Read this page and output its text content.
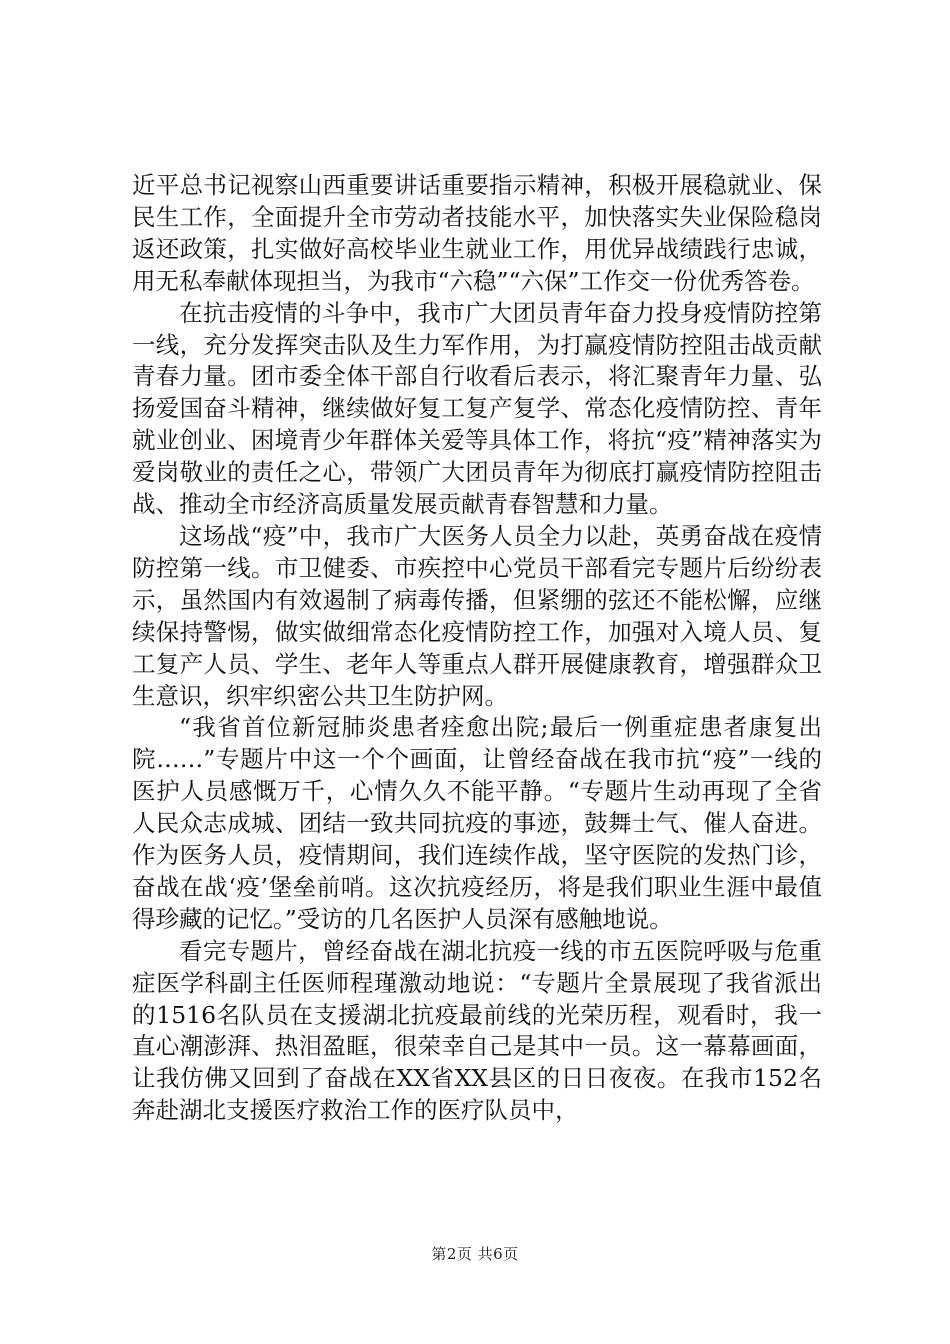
近平总书记视察山西重要讲话重要指示精神，积极开展稳就业、保民生工作，全面提升全市劳动者技能水平，加快落实失业保险稳岗返还政策，扎实做好高校毕业生就业工作，用优异战绩践行忠诚，用无私奉献体现担当，为我市“六稳”“六保”工作交一份优秀答卷。

在抗击疫情的斗争中，我市广大团员青年奋力投身疫情防控第一线，充分发挥突击队及生力军作用，为打赢疫情防控阻击战贡献青春力量。团市委全体干部自行收看后表示，将汇聚青年力量、弘扬爱国奋斗精神，继续做好复工复产复学、常态化疫情防控、青年就业创业、困境青少年群体关爱等具体工作，将抗“疫”精神落实为爱岗敬业的责任之心，带领广大团员青年为彻底打赢疫情防控阻击战、推动全市经济高质量发展贡献青春智慧和力量。

这场战“疫”中，我市广大医务人员全力以赴，英勇奋战在疫情防控第一线。市卫健委、市疾控中心党员干部看完专题片后纷纷表示，虽然国内有效遏制了病毒传播，但紧绷的弦还不能松懈，应继续保持警惕，做实做细常态化疫情防控工作，加强对入境人员、复工复产人员、学生、老年人等重点人群开展健康教育，增强群众卫生意识，织牢织密公共卫生防护网。

“我省首位新冠肺炎患者痊愈出院;最后一例重症患者康复出院……”专题片中这一个个画面，让曾经奋战在我市抗“疫”一线的医护人员感慨万千，心情久久不能平静。“专题片生动再现了全省人民众志成城、团结一致共同抗疫的事迹，鼓舞士气、催人奋进。作为医务人员，疫情期间，我们连续作战，坚守医院的发热门诊，奋战在战‘疫’堡垒前哨。这次抗疫经历，将是我们职业生涯中最值得珍藏的记忆。”受访的几名医护人员深有感触地说。

看完专题片，曾经奋战在湖北抗疫一线的市五医院呼吸与危重症医学科副主任医师程瑾激动地说：“专题片全景展现了我省派出的1516名队员在支援湖北抗疫最前线的光荣历程，观看时，我一直心潮澎湃、热泪盈眶，很荣幸自己是其中一员。这一幕幕画面，让我仿佛又回到了奋战在XX省XX县区的日日夜夜。在我市152名奔赴湖北支援医疗救治工作的医疗队员中，

第2页 共6页
